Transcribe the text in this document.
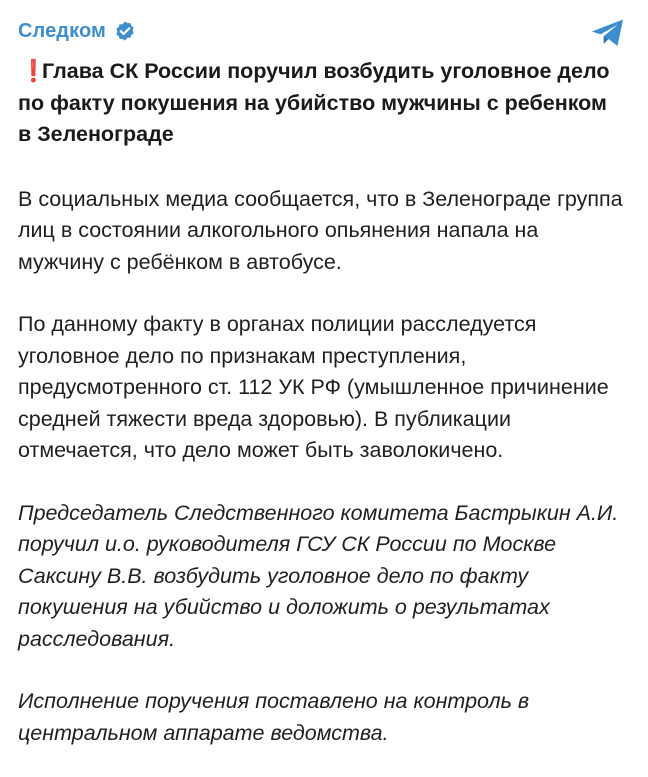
Следком

❗Глава СК России поручил возбудить уголовное дело по факту покушения на убийство мужчины с ребенком в Зеленограде

В социальных медиа сообщается, что в Зеленограде группа лиц в состоянии алкогольного опьянения напала на мужчину с ребёнком в автобусе.

По данному факту в органах полиции расследуется уголовное дело по признакам преступления, предусмотренного ст. 112 УК РФ (умышленное причинение средней тяжести вреда здоровью). В публикации отмечается, что дело может быть заволокичено.

Председатель Следственного комитета Бастрыкин А.И. поручил и.о. руководителя ГСУ СК России по Москве Саксину В.В. возбудить уголовное дело по факту покушения на убийство и доложить о результатах расследования.

Исполнение поручения поставлено на контроль в центральном аппарате ведомства.
